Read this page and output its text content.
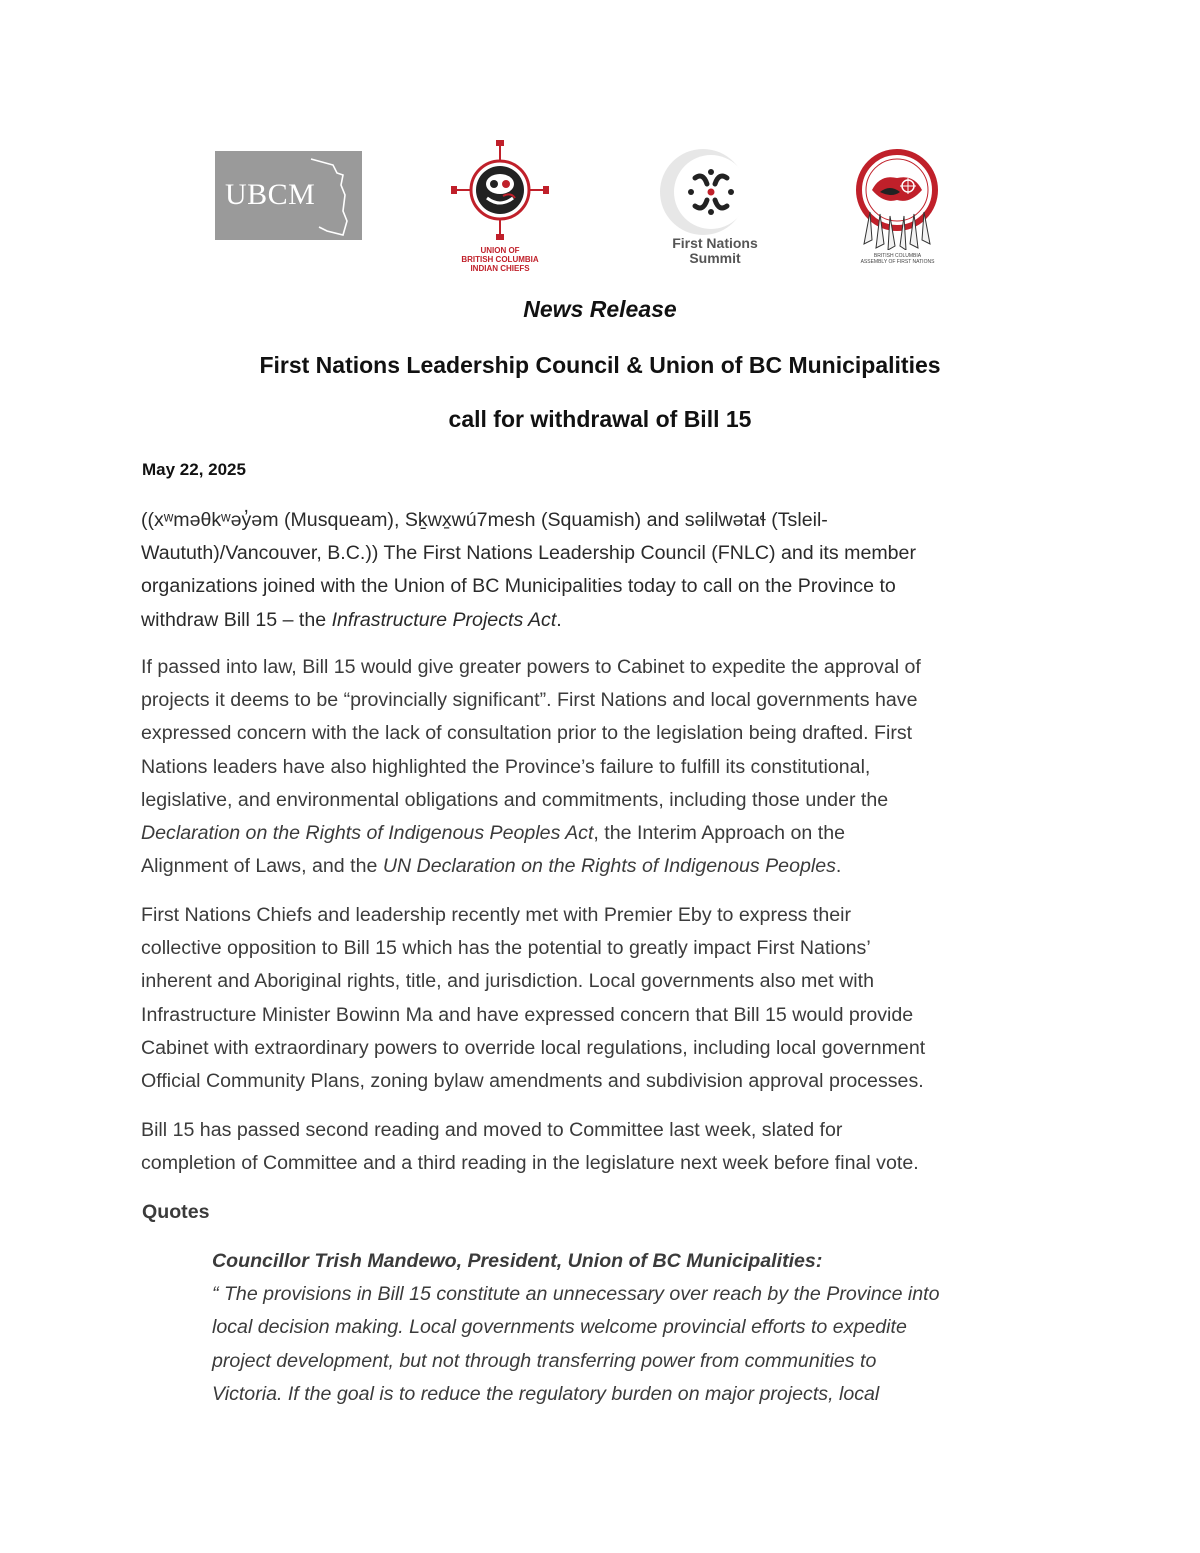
UBCM
UNION OF
BRITISH COLUMBIA
INDIAN CHIEFS
First Nations
Summit	BRITISH COLUMBIA
ASSEMBLY OF FIRST NATIONS
News Release
First Nations Leadership Council & Union of BC Municipalities
call for withdrawal of Bill 15
May 22, 2025

((xʷməθkʷəy̓əm (Musqueam), Sḵwx̱wú7mesh (Squamish) and səlilwətaɬ (Tsleil-
Waututh)/Vancouver, B.C.)) The First Nations Leadership Council (FNLC) and its member
organizations joined with the Union of BC Municipalities today to call on the Province to
withdraw Bill 15 – the Infrastructure Projects Act.

If passed into law, Bill 15 would give greater powers to Cabinet to expedite the approval of
projects it deems to be “provincially significant”. First Nations and local governments have
expressed concern with the lack of consultation prior to the legislation being drafted. First
Nations leaders have also highlighted the Province’s failure to fulfill its constitutional,
legislative, and environmental obligations and commitments, including those under the
Declaration on the Rights of Indigenous Peoples Act, the Interim Approach on the
Alignment of Laws, and the UN Declaration on the Rights of Indigenous Peoples.

First Nations Chiefs and leadership recently met with Premier Eby to express their
collective opposition to Bill 15 which has the potential to greatly impact First Nations’
inherent and Aboriginal rights, title, and jurisdiction. Local governments also met with
Infrastructure Minister Bowinn Ma and have expressed concern that Bill 15 would provide
Cabinet with extraordinary powers to override local regulations, including local government
Official Community Plans, zoning bylaw amendments and subdivision approval processes.

Bill 15 has passed second reading and moved to Committee last week, slated for
completion of Committee and a third reading in the legislature next week before final vote.

Quotes

Councillor Trish Mandewo, President, Union of BC Municipalities:
“ The provisions in Bill 15 constitute an unnecessary over reach by the Province into
local decision making. Local governments welcome provincial efforts to expedite
project development, but not through transferring power from communities to
Victoria. If the goal is to reduce the regulatory burden on major projects, local
